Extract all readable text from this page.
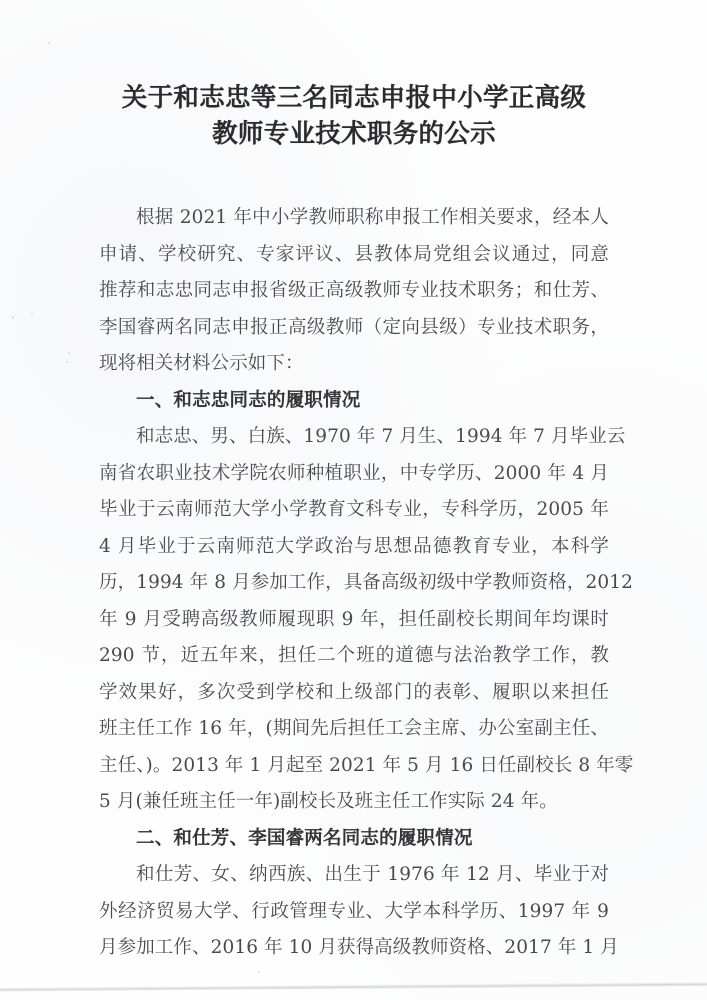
关于和志忠等三名同志申报中小学正高级
教师专业技术职务的公示
根据 2021 年中小学教师职称申报工作相关要求，经本人
申请、学校研究、专家评议、县教体局党组会议通过，同意
推荐和志忠同志申报省级正高级教师专业技术职务；和仕芳、
李国睿两名同志申报正高级教师（定向县级）专业技术职务，
现将相关材料公示如下：
一、和志忠同志的履职情况
和志忠、男、白族、1970 年 7 月生、1994 年 7 月毕业云
南省农职业技术学院农师种植职业，中专学历、2000 年 4 月
毕业于云南师范大学小学教育文科专业，专科学历，2005 年
4 月毕业于云南师范大学政治与思想品德教育专业，本科学
历，1994 年 8 月参加工作，具备高级初级中学教师资格，2012
年 9 月受聘高级教师履现职 9 年，担任副校长期间年均课时
290 节，近五年来，担任二个班的道德与法治教学工作，教
学效果好，多次受到学校和上级部门的表彰、履职以来担任
班主任工作 16 年，(期间先后担任工会主席、办公室副主任、
主任、)。2013 年 1 月起至 2021 年 5 月 16 日任副校长 8 年零
5 月(兼任班主任一年)副校长及班主任工作实际 24 年。
二、和仕芳、李国睿两名同志的履职情况
和仕芳、女、纳西族、出生于 1976 年 12 月、毕业于对
外经济贸易大学、行政管理专业、大学本科学历、1997 年 9
月参加工作、2016 年 10 月获得高级教师资格、2017 年 1 月
